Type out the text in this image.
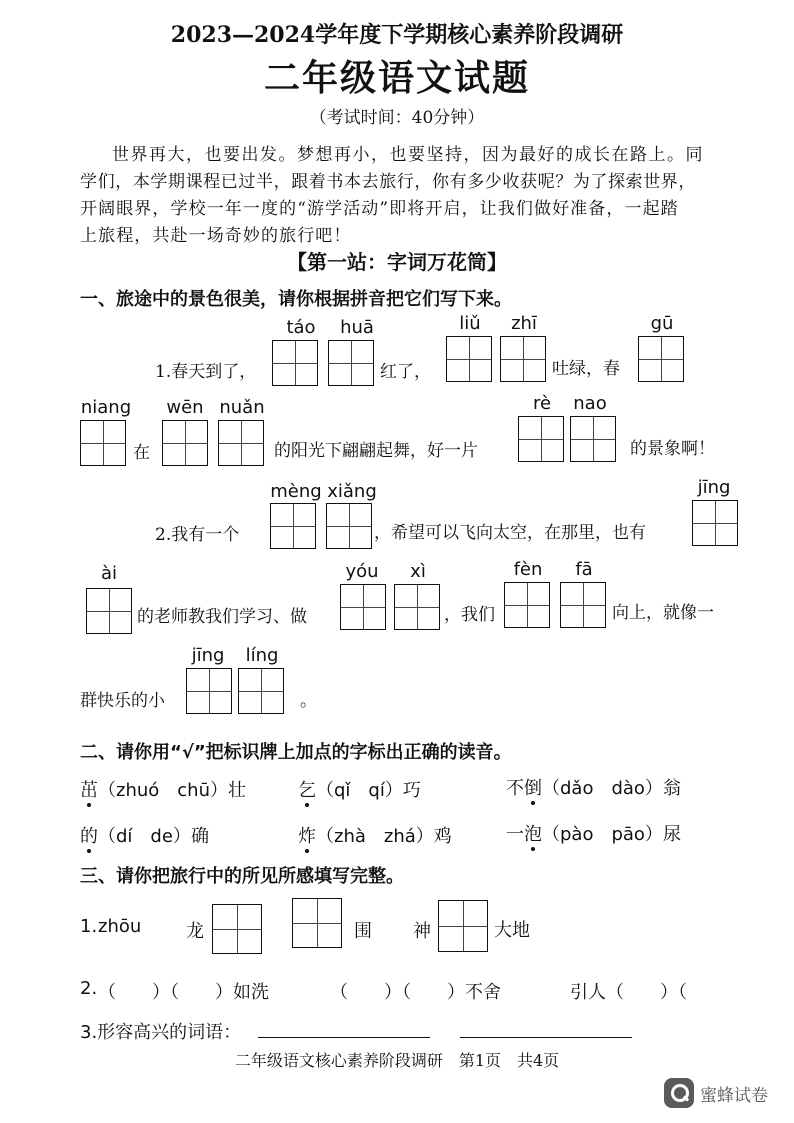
2023—2024学年度下学期核心素养阶段调研
二年级语文试题
（考试时间：40分钟）
世界再大，也要出发。梦想再小，也要坚持，因为最好的成长在路上。同
学们，本学期课程已过半，跟着书本去旅行，你有多少收获呢？为了探索世界，
开阔眼界，学校一年一度的“游学活动”即将开启，让我们做好准备，一起踏
上旅程，共赴一场奇妙的旅行吧！
【第一站：字词万花筒】
一、旅途中的景色很美，请你根据拼音把它们写下来。
1.春天到了，
táo	huā
红了，
liǔ	zhī
吐绿，春
gū
niang
在
wēn nuǎn
的阳光下翩翩起舞，好一片
rè	nao
的景象啊！
2.我有一个
mèng xiǎng
，希望可以飞向太空，在那里，也有
jīng
ài
的老师教我们学习、做
yóu	xì
，我们
fèn	fā
向上，就像一
群快乐的小
jīng	líng
。
二、请你用“√”把标识牌上加点的字标出正确的读音。
茁（zhuó　chū）壮	乞（qǐ　qí）巧	不倒（dǎo　dào）翁
的（dí　de）确	炸（zhà　zhá）鸡	一泡（pào　pāo）尿
三、请你把旅行中的所见所感填写完整。
1. zhōu 龙	围 神	大地
2. （　　）（　　）如洗	（　　）（　　）不舍	引人（　　）（
3.形容高兴的词语：
二年级语文核心素养阶段调研　第1页　共4页
蜜蜂试卷
